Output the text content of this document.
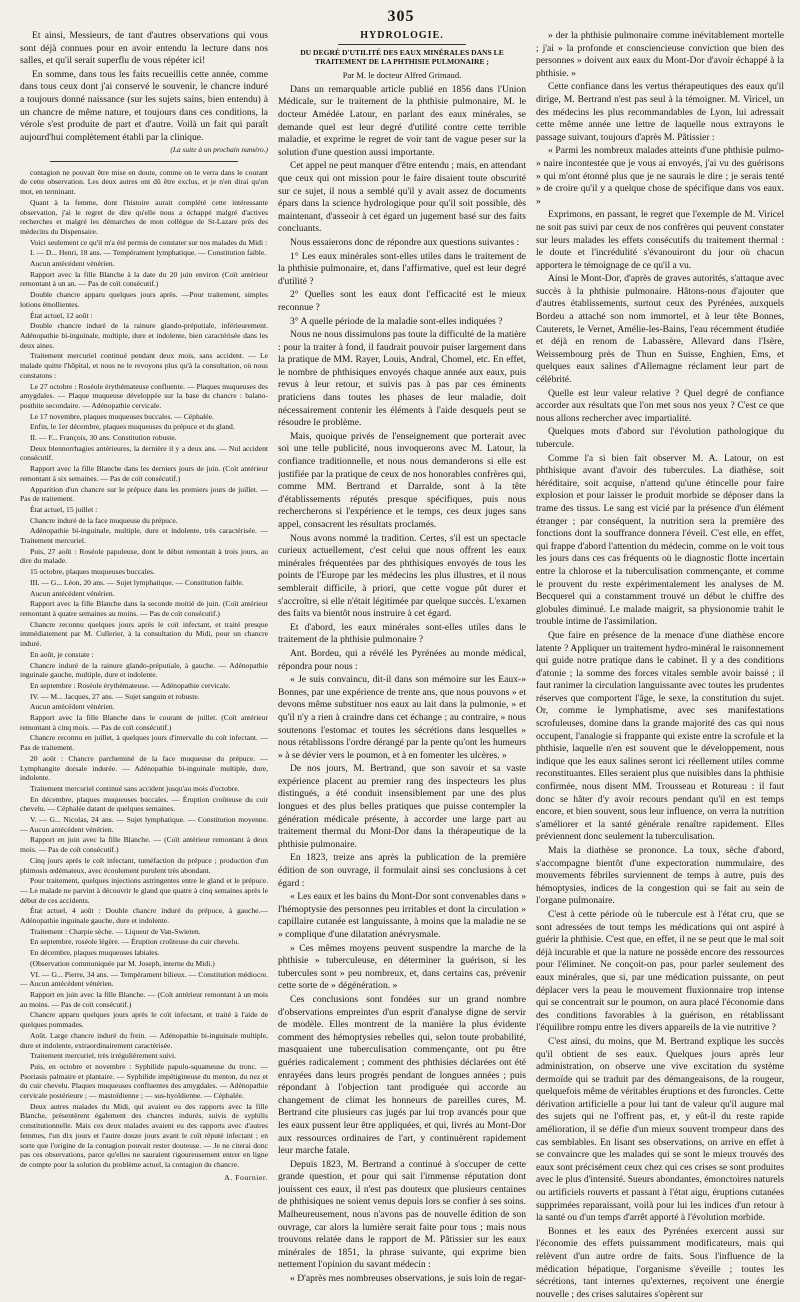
305

Et ainsi, Messieurs, de tant d'autres observations qui vous sont déjà connues pour en avoir entendu la lecture dans nos salles, et qu'il serait superflu de vous répéter ici!

En somme, dans tous les faits recueillis cette année, comme dans tous ceux dont j'ai conservé le souvenir, le chancre induré a toujours donné naissance (sur les sujets sains, bien entendu) à un chancre de même nature, et toujours dans ces conditions, la vérole s'est produite de part et d'autre. Voilà un fait qui paraît aujourd'hui complètement établi par la clinique.

(La suite à un prochain numéro.)

contagion ne pouvait être mise en doute, comme on le verra dans le courant de cette observation. Les deux autres ont dû être exclus, et je n'en dirai qu'un mot, en terminant.

Quant à la femme, dont l'histoire aurait complété cette intéressante observation, j'ai le regret de dire qu'elle nous a échappé malgré d'actives recherches et malgré les démarches de mon collègue de St-Lazare près des médecins du Dispensaire.

Voici seulement ce qu'il m'a été permis de constater sur nos malades du Midi :

I. — D... Henri, 18 ans. — Tempérament lymphatique. — Constitution faible.

Aucun antécédent vénérien.

Rapport avec la fille Blanche à la date du 20 juin environ (Coït antérieur remontant à un an. — Pas de coït consécutif.)

Double chancre apparu quelques jours après. —Pour traitement, simples lotions émollientes.

État actuel, 12 août :

Double chancre induré de la rainure glando-préputiale, inférieurement. Adénopathie bi-inguinale, multiple, dure et indolente, bien caractérisée dans les deux aines.

Traitement mercuriel continué pendant deux mois, sans accident. — Le malade quitte l'hôpital, et nous ne le revoyons plus qu'à la consultation, où nous constatons :

Le 27 octobre : Roséole érythémateuse confluente. — Plaques muqueuses des amygdales. — Plaque muqueuse développée sur la base du chancre : balano-posthite secondaire. — Adénopathie cervicale.

Le 17 novembre, plaques muqueuses buccales. — Céphalée.

Enfin, le 1er décembre, plaques muqueuses du prépuce et du gland.

II. — F... François, 30 ans. Constitution robuste.

Deux blennorrhagies antérieures, la dernière il y a deux ans. — Nul accident consécutif.

Rapport avec la fille Blanche dans les derniers jours de juin. (Coït antérieur remontant à six semaines. — Pas de coït consécutif.)

Apparition d'un chancre sur le prépuce dans les premiers jours de juillet. — Pas de traitement.

État actuel, 15 juillet :

Chancre induré de la face muqueuse du prépuce.

Adénopathie bi-inguinale, multiple, dure et indolente, très caractérisée. — Traitement mercuriel.

Puis, 27 août : Roséole papuleuse, dont le début remontait à trois jours, au dire du malade.

15 octobre, plaques muqueuses buccales.

III. — G... Léon, 20 ans. — Sujet lymphatique. — Constitution faible.

Aucun antécédent vénérien.

Rapport avec la fille Blanche dans la seconde moitié de juin. (Coït antérieur remontant à quatre semaines au moins. — Pas de coït consécutif.)

Chancre reconnu quelques jours après le coït infectant, et traité presque immédiatement par M. Cullerier, à la consultation du Midi, pour un chancre induré.

En août, je constate :

Chancre induré de la rainure glando-préputiale, à gauche. — Adénopathie inguinale gauche, multiple, dure et indolente.

En septembre : Roséole érythémateuse. — Adénopathie cervicale.

IV. — M... Jacques, 27 ans. — Sujet sanguin et robuste.

Aucun antécédent vénérien.

Rapport avec la fille Blanche dans le courant de juillet. (Coït antérieur remontant à cinq mois. — Pas de coït consécutif.)

Chancre reconnu en juillet, à quelques jours d'intervalle du coït infectant. — Pas de traitement.

20 août : Chancre parcheminé de la face muqueuse du prépuce. — Lymphangite dorsale indurée. — Adénopathie bi-inguinale multiple, dure, indolente.

Traitement mercuriel continué sans accident jusqu'au mois d'octobre.

En décembre, plaques muqueuses buccales. — Éruption croûteuse du cuir chevelu. — Céphalée datant de quelques semaines.

V. — G... Nicolas, 24 ans. — Sujet lymphatique. — Constitution moyenne. — Aucun antécédent vénérien.

Rapport en juin avec la fille Blanche. — (Coït antérieur remontant à deux mois. — Pas de coït consécutif.)

Cinq jours après le coït infectant, tuméfaction du prépuce ; production d'un phimosis œdémateux, avec écoulement purulent très abondant.

Pour traitement, quelques injections astringentes entre le gland et le prépuce. — Le malade ne parvint à découvrir le gland que quatre à cinq semaines après le début de ces accidents.

État actuel, 4 août : Double chancre induré du prépuce, à gauche.— Adénopathie inguinale gauche, dure et indolente.

Traitement : Charpie sèche. — Liqueur de Van-Swieten.

En septembre, roséole légère. — Éruption croûteuse du cuir chevelu.

En décembre, plaques muqueuses labiales.

(Observation communiquée par M. Joseph, interne du Midi.)

VI. — G... Pierre, 34 ans. — Tempérament bilieux. — Constitution médiocre. — Aucun antécédent vénérien.

Rapport en juin avec la fille Blanche. — (Coït antérieur remontant à un mois au moins. — Pas de coït consécutif.)

Chancre apparu quelques jours après le coït infectant, et traité à l'aide de quelques pommades.

Août. Large chancre induré du frein. — Adénopathie bi-inguinale multiple, dure et indolente, extraordinairement caractérisée.

Traitement mercuriel, très irrégulièrement suivi.

Puis, en octobre et novembre : Syphilide papulo-squameuse du tronc. — Psoriasis palmaire et plantaire. — Syphilide impétigineuse du menton, du nez et du cuir chevelu. Plaques muqueuses confluentes des amygdales. — Adénopathie cervicale postérieure ; — mastoïdienne ; — sus-hyoïdienne. — Céphalée.

Deux autres malades du Midi, qui avaient eu des rapports avec la fille Blanche, présentèrent également des chancres indurés, suivis de syphilis constitutionnelle. Mais ces deux malades avaient eu des rapports avec d'autres femmes, l'un dix jours et l'autre douze jours avant le coït réputé infectant ; en sorte que l'origine de la contagion pouvait rester douteuse. — Je ne citerai donc pas ces observations, parce qu'elles ne sauraient rigoureusement entrer en ligne de compte pour la solution du problème actuel, la contagion du chancre.

A. Fournier.
HYDROLOGIE.
DU DEGRÉ D'UTILITÉ DES EAUX MINÉRALES DANS LE TRAITEMENT DE LA PHTHISIE PULMONAIRE ;
Par M. le docteur Alfred Grimaud.

Dans un remarquable article publié en 1856 dans l'Union Médicale, sur le traitement de la phthisie pulmonaire, M. le docteur Amédée Latour, en parlant des eaux minérales, se demande quel est leur degré d'utilité contre cette terrible maladie, et exprime le regret de voir tant de vague peser sur la solution d'une question aussi importante.

Cet appel ne peut manquer d'être entendu ; mais, en attendant que ceux qui ont mission pour le faire disaient toute obscurité sur ce sujet, il nous a semblé qu'il y avait assez de documents épars dans la science hydrologique pour qu'il soit possible, dès maintenant, d'asseoir à cet égard un jugement basé sur des faits concluants.

Nous essaierons donc de répondre aux questions suivantes :

1° Les eaux minérales sont-elles utiles dans le traitement de la phthisie pulmonaire, et, dans l'affirmative, quel est leur degré d'utilité ?

2° Quelles sont les eaux dont l'efficacité est le mieux reconnue ?

3° A quelle période de la maladie sont-elles indiquées ?

Nous ne nous dissimulons pas toute la difficulté de la matière : pour la traiter à fond, il faudrait pouvoir puiser largement dans la pratique de MM. Rayer, Louis, Andral, Chomel, etc. En effet, le nombre de phthisiques envoyés chaque année aux eaux, puis revus à leur retour, et suivis pas à pas par ces éminents praticiens dans toutes les phases de leur maladie, doit nécessairement contenir les éléments à l'aide desquels peut se résoudre le problème.

Mais, quoique privés de l'enseignement que porterait avec soi une telle publicité, nous invoquerons avec M. Latour, la confiance traditionnelle, et nous nous demanderons si elle est justifiée par la pratique de ceux de nos honorables confrères qui, comme MM. Bertrand et Darralde, sont à la tête d'établissements réputés presque spécifiques, puis nous rechercherons si l'expérience et le temps, ces deux juges sans appel, consacrent les résultats proclamés.

Nous avons nommé la tradition. Certes, s'il est un spectacle curieux actuellement, c'est celui que nous offrent les eaux minérales fréquentées par des phthisiques envoyés de tous les points de l'Europe par les médecins les plus illustres, et il nous semblerait difficile, à priori, que cette vogue pût durer et s'accroître, si elle n'était légitimée par quelque succès. L'examen des faits va bientôt nous instruire à cet égard.

Et d'abord, les eaux minérales sont-elles utiles dans le traitement de la phthisie pulmonaire ?

Ant. Bordeu, qui a révélé les Pyrénées au monde médical, répondra pour nous :

« Je suis convaincu, dit-il dans son mémoire sur les Eaux-» Bonnes, par une expérience de trente ans, que nous pouvons » et devons même substituer nos eaux au lait dans la pulmonie, » et qu'il n'y a rien à craindre dans cet échange ; au contraire, » nous soutenons l'estomac et toutes les sécrétions dans lesquelles » nous rétablissons l'ordre dérangé par la pente qu'ont les humeurs » à se dévier vers le poumon, et à en fomenter les ulcères. »

De nos jours, M. Bertrand, que son savoir et sa vaste expérience placent au premier rang des inspecteurs les plus distingués, a été conduit insensiblement par une des plus longues et des plus belles pratiques que puisse contempler la génération médicale présente, à accorder une large part au traitement thermal du Mont-Dor dans la thérapeutique de la phthisie pulmonaire.

En 1823, treize ans après la publication de la première édition de son ouvrage, il formulait ainsi ses conclusions à cet égard :

« Les eaux et les bains du Mont-Dor sont convenables dans » l'hémoptysie des personnes peu irritables et dont la circulation » capillaire cutanée est languissante, à moins que la maladie ne se » complique d'une dilatation anévrysmale.

» Ces mêmes moyens peuvent suspendre la marche de la phthisie » tuberculeuse, en déterminer la guérison, si les tubercules sont » peu nombreux, et, dans certains cas, prévenir cette sorte de » dégénération. »

Ces conclusions sont fondées sur un grand nombre d'observations empreintes d'un esprit d'analyse digne de servir de modèle. Elles montrent de la manière la plus évidente comment des hémoptysies rebelles qui, selon toute probabilité, masquaient une tuberculisation commençante, ont pu être guéries radicalement ; comment des phthisies déclarées ont été enrayées dans leurs progrès pendant de longues années ; puis répondant à l'objection tant prodiguée qui accorde au changement de climat les honneurs de pareilles cures, M. Bertrand cite plusieurs cas jugés par lui trop avancés pour que les eaux pussent leur être appliquées, et qui, livrés au Mont-Dor aux ressources ordinaires de l'art, y continuèrent rapidement leur marche fatale.

Depuis 1823, M. Bertrand a continué à s'occuper de cette grande question, et pour qui sait l'immense réputation dont jouissent ces eaux, il n'est pas douteux que plusieurs centaines de phthisiques ne soient venus depuis lors se confier à ses soins. Malheureusement, nous n'avons pas de nouvelle édition de son ouvrage, car alors la lumière serait faite pour tous ; mais nous trouvons relatée dans le rapport de M. Pâtissier sur les eaux minérales de 1851, la phrase suivante, qui exprime bien nettement l'opinion du savant médecin :

« D'après mes nombreuses observations, je suis loin de regar-

» der la phthisie pulmonaire comme inévitablement mortelle ; j'ai » la profonde et consciencieuse conviction que bien des personnes » doivent aux eaux du Mont-Dor d'avoir échappé à la phthisie. »

Cette confiance dans les vertus thérapeutiques des eaux qu'il dirige, M. Bertrand n'est pas seul à la témoigner. M. Viricel, un des médecins les plus recommandables de Lyon, lui adressait cette même année une lettre de laquelle nous extrayons le passage suivant, toujours d'après M. Pâtissier :

« Parmi les nombreux malades atteints d'une phthisie pulmo- » naire incontestée que je vous ai envoyés, j'ai vu des guérisons » qui m'ont étonné plus que je ne saurais le dire ; je serais tenté » de croire qu'il y a quelque chose de spécifique dans vos eaux. »

Exprimons, en passant, le regret que l'exemple de M. Viricel ne soit pas suivi par ceux de nos confrères qui peuvent constater sur leurs malades les effets consécutifs du traitement thermal : le doute et l'incrédulité s'évanouiront du jour où chacun apportera le témoignage de ce qu'il a vu.

Ainsi le Mont-Dor, d'après de graves autorités, s'attaque avec succès à la phthisie pulmonaire. Hâtons-nous d'ajouter que d'autres établissements, surtout ceux des Pyrénées, auxquels Bordeu a attaché son nom immortel, et à leur tête Bonnes, Cauterets, le Vernet, Amélie-les-Bains, l'eau récemment étudiée et déjà en renom de Labassère, Allevard dans l'Isère, Weissembourg près de Thun en Suisse, Enghien, Ems, et quelques eaux salines d'Allemagne réclament leur part de célébrité.

Quelle est leur valeur relative ? Quel degré de confiance accorder aux résultats que l'on met sous nos yeux ? C'est ce que nous allons rechercher avec impartialité.

Quelques mots d'abord sur l'évolution pathologique du tubercule.

Comme l'a si bien fait observer M. A. Latour, on est phthisique avant d'avoir des tubercules. La diathèse, soit héréditaire, soit acquise, n'attend qu'une étincelle pour faire explosion et pour laisser le produit morbide se déposer dans la trame des tissus. Le sang est vicié par la présence d'un élément étranger ; par conséquent, la nutrition sera la première des fonctions dont la souffrance donnera l'éveil. C'est elle, en effet, qui frappe d'abord l'attention du médecin, comme on le voit tous les jours dans ces cas fréquents où le diagnostic flotte incertain entre la chlorose et la tuberculisation commençante, et comme le prouvent du reste expérimentalement les analyses de M. Becquerel qui a constamment trouvé un début le chiffre des globules diminué. Le malade maigrit, sa physionomie trahit le trouble intime de l'assimilation.

Que faire en présence de la menace d'une diathèse encore latente ? Appliquer un traitement hydro-minéral le raisonnement qui guide notre pratique dans le cabinet. Il y a des conditions d'atonie ; la somme des forces vitales semble avoir baissé ; il faut ranimer la circulation languissante avec toutes les prudentes réserves que comportent l'âge, le sexe, la constitution du sujet. Or, comme le lymphatisme, avec ses manifestations scrofuleuses, domine dans la grande majorité des cas qui nous occupent, l'analogie si frappante qui existe entre la scrofule et la phthisie, laquelle n'en est souvent que le développement, nous indique que les eaux salines seront ici réellement utiles comme reconstituantes. Elles seraient plus que nuisibles dans la phthisie confirmée, nous disent MM. Trousseau et Rotureau : il faut donc se hâter d'y avoir recours pendant qu'il en est temps encore, et bien souvent, sous leur influence, on verra la nutrition s'améliorer et la santé générale renaître rapidement. Elles préviennent donc seulement la tuberculisation.

Mais la diathèse se prononce. La toux, sèche d'abord, s'accompagne bientôt d'une expectoration nummulaire, des mouvements fébriles surviennent de temps à autre, puis des hémoptysies, indices de la congestion qui se fait au sein de l'organe pulmonaire.

C'est à cette période où le tubercule est à l'état cru, que se sont adressées de tout temps les médications qui ont aspiré à guérir la phthisie. C'est que, en effet, il ne se peut que le mal soit déjà incurable et que la nature ne possède encore des ressources pour l'éliminer. Ne conçoit-on pas, pour parler seulement des eaux minérales, que si, par une médication puissante, on peut déplacer vers la peau le mouvement fluxionnaire trop intense qui se concentrait sur le poumon, on aura placé l'économie dans des conditions favorables à la guérison, en rétablissant l'équilibre rompu entre les divers appareils de la vie nutritive ?

C'est ainsi, du moins, que M. Bertrand explique les succès qu'il obtient de ses eaux. Quelques jours après leur administration, on observe une vive excitation du système dermoïde qui se traduit par des démangeaisons, de la rougeur, quelquefois même de véritables éruptions et des furoncles. Cette dérivation artificielle a pour lui tant de valeur qu'il augure mal des sujets qui ne l'offrent pas, et, y eût-il du reste rapide amélioration, il se défie d'un mieux souvent trompeur dans des cas semblables. En lisant ses observations, on arrive en effet à se convaincre que les malades qui se sont le mieux trouvés des eaux sont précisément ceux chez qui ces crises se sont produites avec le plus d'intensité. Sueurs abondantes, émonctoires naturels ou artificiels rouverts et passant à l'état aigu, éruptions cutanées supprimées reparaissant, voilà pour lui les indices d'un retour à la santé ou d'un temps d'arrêt apporté à l'évolution morbide.

Bonnes et les eaux des Pyrénées exercent aussi sur l'économie des effets puissamment modificateurs, mais qui relèvent d'un autre ordre de faits. Sous l'influence de la médication hépatique, l'organisme s'éveille ; toutes les sécrétions, tant internes qu'externes, reçoivent une énergie nouvelle ; des crises salutaires s'opèrent sur
